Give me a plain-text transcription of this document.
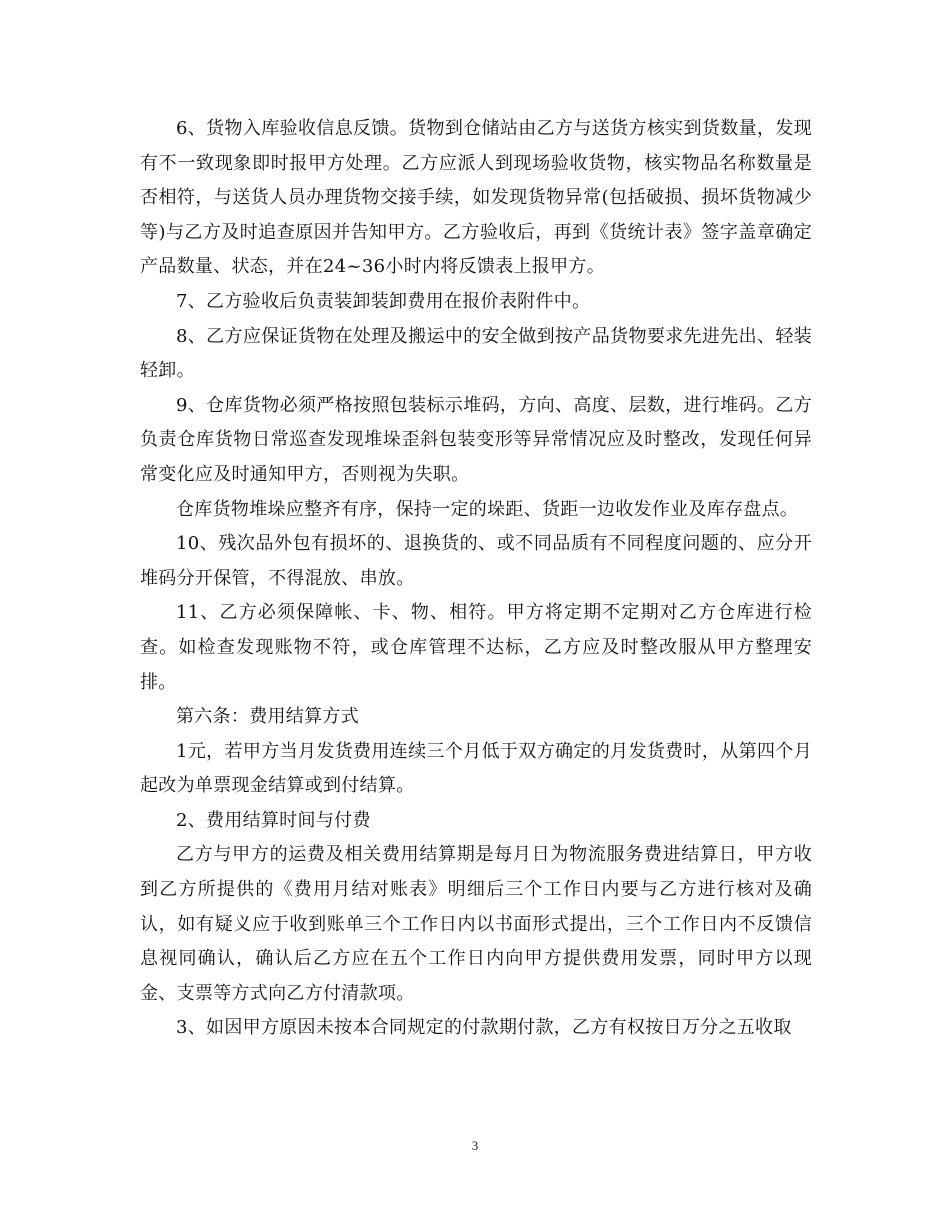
6、货物入库验收信息反馈。货物到仓储站由乙方与送货方核实到货数量，发现有不一致现象即时报甲方处理。乙方应派人到现场验收货物，核实物品名称数量是否相符，与送货人员办理货物交接手续，如发现货物异常(包括破损、损坏货物减少等)与乙方及时追查原因并告知甲方。乙方验收后，再到《货统计表》签字盖章确定产品数量、状态，并在24~36小时内将反馈表上报甲方。

7、乙方验收后负责装卸装卸费用在报价表附件中。

8、乙方应保证货物在处理及搬运中的安全做到按产品货物要求先进先出、轻装轻卸。

9、仓库货物必须严格按照包装标示堆码，方向、高度、层数，进行堆码。乙方负责仓库货物日常巡查发现堆垛歪斜包装变形等异常情况应及时整改，发现任何异常变化应及时通知甲方，否则视为失职。

仓库货物堆垛应整齐有序，保持一定的垛距、货距一边收发作业及库存盘点。

10、残次品外包有损坏的、退换货的、或不同品质有不同程度问题的、应分开堆码分开保管，不得混放、串放。

11、乙方必须保障帐、卡、物、相符。甲方将定期不定期对乙方仓库进行检查。如检查发现账物不符，或仓库管理不达标，乙方应及时整改服从甲方整理安排。

第六条：费用结算方式

1元，若甲方当月发货费用连续三个月低于双方确定的月发货费时，从第四个月起改为单票现金结算或到付结算。

2、费用结算时间与付费

乙方与甲方的运费及相关费用结算期是每月日为物流服务费进结算日，甲方收到乙方所提供的《费用月结对账表》明细后三个工作日内要与乙方进行核对及确认，如有疑义应于收到账单三个工作日内以书面形式提出，三个工作日内不反馈信息视同确认，确认后乙方应在五个工作日内向甲方提供费用发票，同时甲方以现金、支票等方式向乙方付清款项。

3、如因甲方原因未按本合同规定的付款期付款，乙方有权按日万分之五收取

3
